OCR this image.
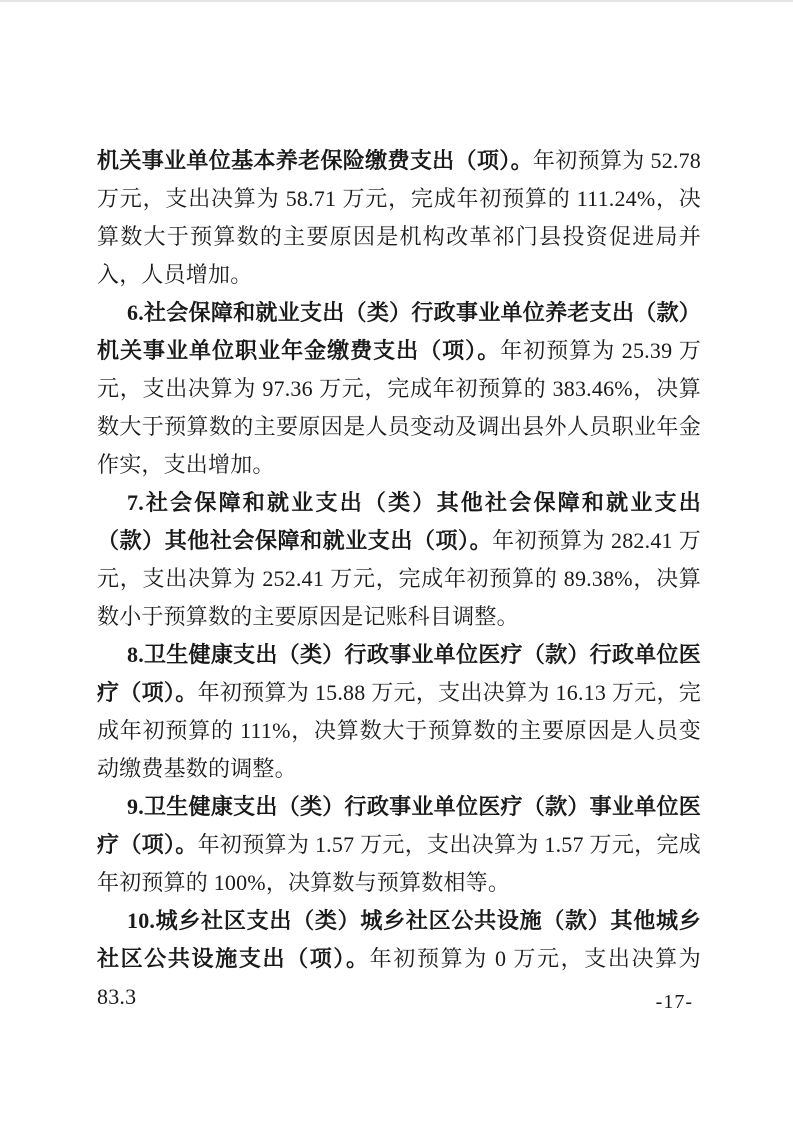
机关事业单位基本养老保险缴费支出（项）。年初预算为 52.78 万元，支出决算为 58.71 万元，完成年初预算的 111.24%，决算数大于预算数的主要原因是机构改革祁门县投资促进局并入，人员增加。

6.社会保障和就业支出（类）行政事业单位养老支出（款）机关事业单位职业年金缴费支出（项）。年初预算为 25.39 万元，支出决算为 97.36 万元，完成年初预算的 383.46%，决算数大于预算数的主要原因是人员变动及调出县外人员职业年金作实，支出增加。

7.社会保障和就业支出（类）其他社会保障和就业支出（款）其他社会保障和就业支出（项）。年初预算为 282.41 万元，支出决算为 252.41 万元，完成年初预算的 89.38%，决算数小于预算数的主要原因是记账科目调整。

8.卫生健康支出（类）行政事业单位医疗（款）行政单位医疗（项）。年初预算为 15.88 万元，支出决算为 16.13 万元，完成年初预算的 111%，决算数大于预算数的主要原因是人员变动缴费基数的调整。

9.卫生健康支出（类）行政事业单位医疗（款）事业单位医疗（项）。年初预算为 1.57 万元，支出决算为 1.57 万元，完成年初预算的 100%，决算数与预算数相等。

10.城乡社区支出（类）城乡社区公共设施（款）其他城乡社区公共设施支出（项）。年初预算为 0 万元，支出决算为 83.3	-17-
